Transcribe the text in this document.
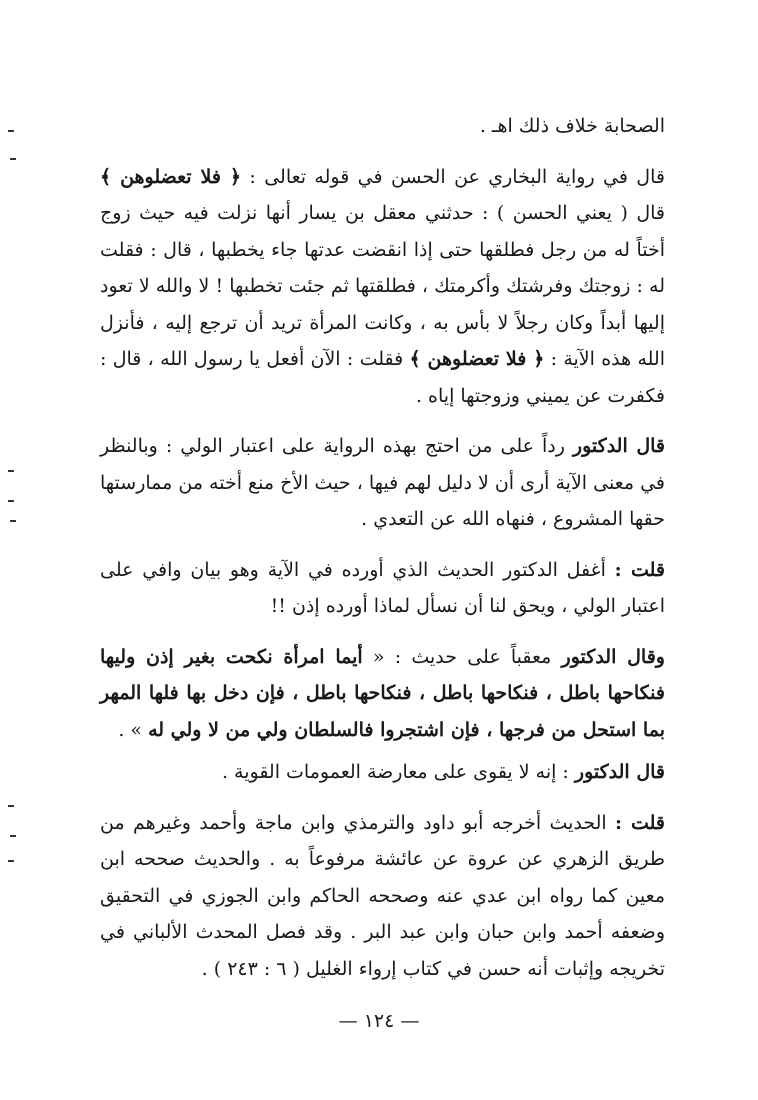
الصحابة خلاف ذلك اهـ .

قال في رواية البخاري عن الحسن في قوله تعالى : ﴿ فلا تعضلوهن ﴾ قال ( يعني الحسن ) : حدثني معقل بن يسار أنها نزلت فيه حيث زوج أختاً له من رجل فطلقها حتى إذا انقضت عدتها جاء يخطبها ، قال : فقلت له : زوجتك وفرشتك وأكرمتك ، فطلقتها ثم جئت تخطبها ! لا والله لا تعود إليها أبداً وكان رجلاً لا بأس به ، وكانت المرأة تريد أن ترجع إليه ، فأنزل الله هذه الآية : ﴿ فلا تعضلوهن ﴾ فقلت : الآن أفعل يا رسول الله ، قال : فكفرت عن يميني وزوجتها إياه .

قال الدكتور رداً على من احتج بهذه الرواية على اعتبار الولي : وبالنظر في معنى الآية أرى أن لا دليل لهم فيها ، حيث الأخ منع أخته من ممارستها حقها المشروع ، فنهاه الله عن التعدي .

قلت : أغفل الدكتور الحديث الذي أورده في الآية وهو بيان وافي على اعتبار الولي ، ويحق لنا أن نسأل لماذا أورده إذن !!

وقال الدكتور معقباً على حديث : « أيما امرأة نكحت بغير إذن وليها فنكاحها باطل ، فنكاحها باطل ، فنكاحها باطل ، فإن دخل بها فلها المهر بما استحل من فرجها ، فإن اشتجروا فالسلطان ولي من لا ولي له » .

قال الدكتور : إنه لا يقوى على معارضة العمومات القوية .

قلت : الحديث أخرجه أبو داود والترمذي وابن ماجة وأحمد وغيرهم من طريق الزهري عن عروة عن عائشة مرفوعاً به . والحديث صححه ابن معين كما رواه ابن عدي عنه وصححه الحاكم وابن الجوزي في التحقيق وضعفه أحمد وابن حبان وابن عبد البر . وقد فصل المحدث الألباني في تخريجه وإثبات أنه حسن في كتاب إرواء الغليل ( ٦ : ٢٤٣ ) .

— ١٢٤ —
